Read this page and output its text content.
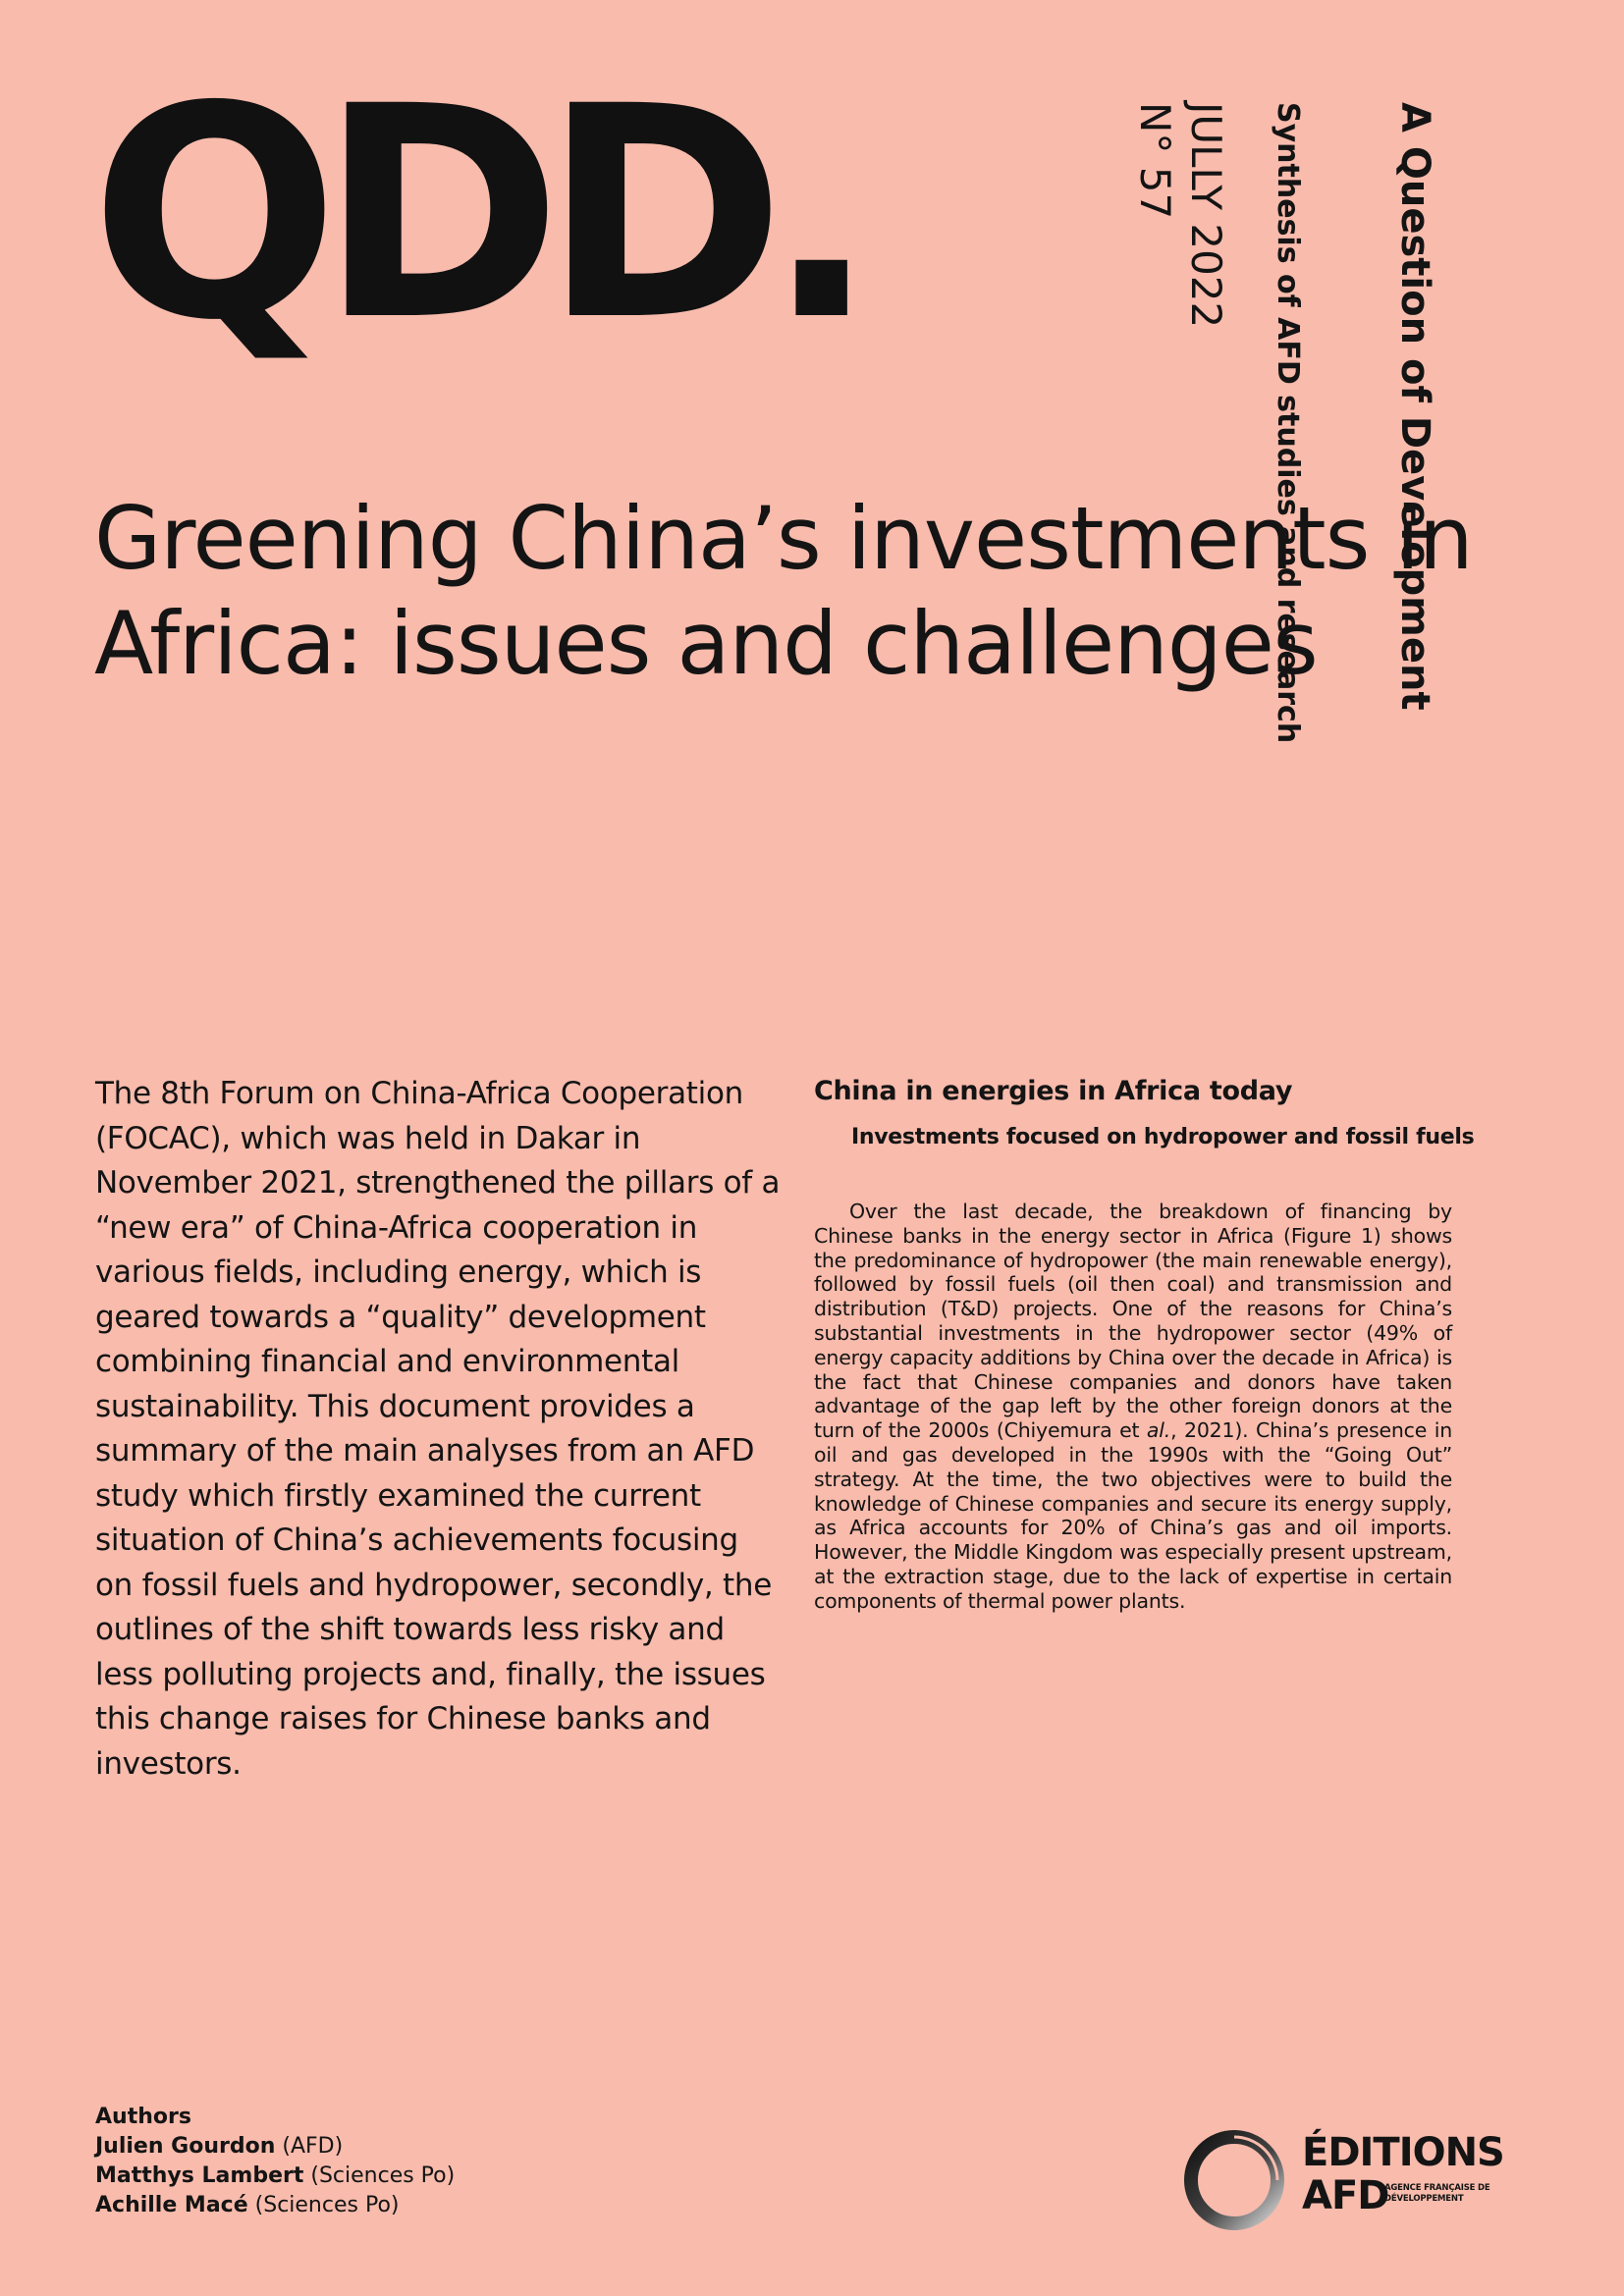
QDD.	A Question of Development
Synthesis of AFD studies and research
JULLY 2022
N° 57
Greening China’s investments in Africa: issues and challenges

The 8th Forum on China-Africa Cooperation (FOCAC), which was held in Dakar in November 2021, strengthened the pillars of a “new era” of China-Africa cooperation in various fields, including energy, which is geared towards a “quality” development combining financial and environmental sustainability. This document provides a summary of the main analyses from an AFD study which firstly examined the current situation of China’s achievements focusing on fossil fuels and hydropower, secondly, the outlines of the shift towards less risky and less polluting projects and, finally, the issues this change raises for Chinese banks and investors.

China in energies in Africa today
Investments focused on hydropower and fossil fuels

Over the last decade, the breakdown of financing by Chinese banks in the energy sector in Africa (Figure 1) shows the predominance of hydropower (the main renewable energy), followed by fossil fuels (oil then coal) and transmission and distribution (T&D) projects. One of the reasons for China’s substantial investments in the hydropower sector (49% of energy capacity additions by China over the decade in Africa) is the fact that Chinese companies and donors have taken advantage of the gap left by the other foreign donors at the turn of the 2000s (Chiyemura et al., 2021). China’s presence in oil and gas developed in the 1990s with the “Going Out” strategy. At the time, the two objectives were to build the knowledge of Chinese companies and secure its energy supply, as Africa accounts for 20% of China’s gas and oil imports. However, the Middle Kingdom was especially present upstream, at the extraction stage, due to the lack of expertise in certain components of thermal power plants.

Authors
Julien Gourdon (AFD)
Matthys Lambert (Sciences Po)
Achille Macé (Sciences Po)
ÉDITIONS
AFD
AGENCE FRANÇAISE DE DÉVELOPPEMENT
